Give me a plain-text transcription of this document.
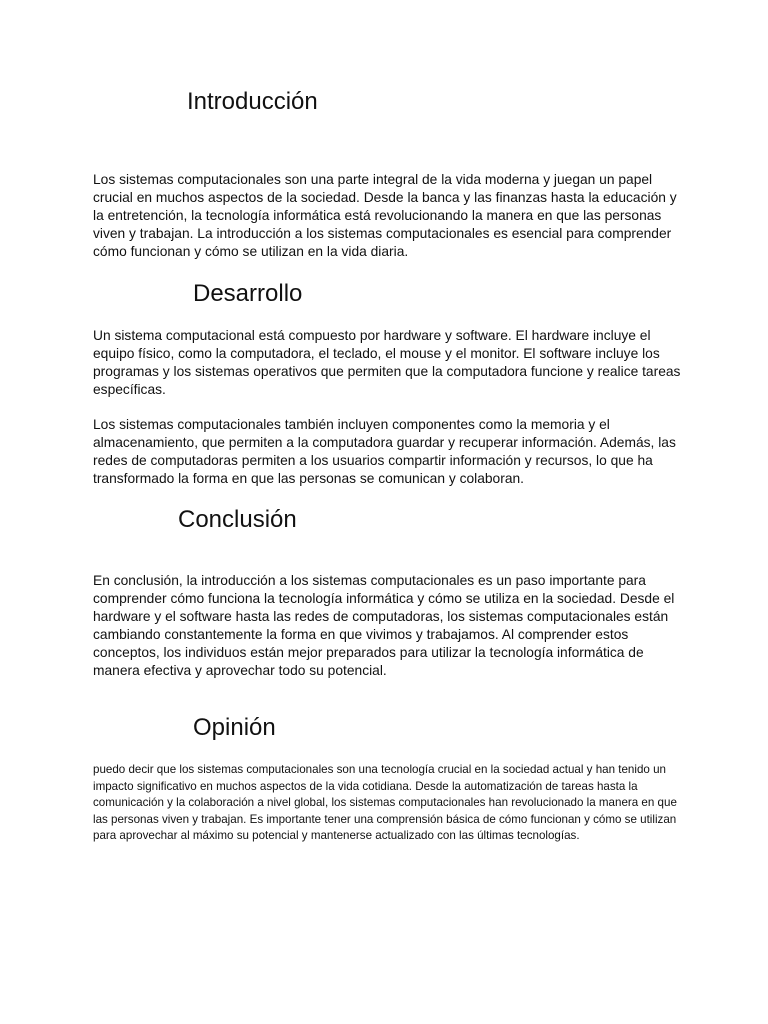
Introducción

Los sistemas computacionales son una parte integral de la vida moderna y juegan un papel crucial en muchos aspectos de la sociedad. Desde la banca y las finanzas hasta la educación y la entretención, la tecnología informática está revolucionando la manera en que las personas viven y trabajan. La introducción a los sistemas computacionales es esencial para comprender cómo funcionan y cómo se utilizan en la vida diaria.

Desarrollo

Un sistema computacional está compuesto por hardware y software. El hardware incluye el equipo físico, como la computadora, el teclado, el mouse y el monitor. El software incluye los programas y los sistemas operativos que permiten que la computadora funcione y realice tareas específicas.

Los sistemas computacionales también incluyen componentes como la memoria y el almacenamiento, que permiten a la computadora guardar y recuperar información. Además, las redes de computadoras permiten a los usuarios compartir información y recursos, lo que ha transformado la forma en que las personas se comunican y colaboran.

Conclusión

En conclusión, la introducción a los sistemas computacionales es un paso importante para comprender cómo funciona la tecnología informática y cómo se utiliza en la sociedad. Desde el hardware y el software hasta las redes de computadoras, los sistemas computacionales están cambiando constantemente la forma en que vivimos y trabajamos. Al comprender estos conceptos, los individuos están mejor preparados para utilizar la tecnología informática de manera efectiva y aprovechar todo su potencial.

Opinión

puedo decir que los sistemas computacionales son una tecnología crucial en la sociedad actual y han tenido un impacto significativo en muchos aspectos de la vida cotidiana. Desde la automatización de tareas hasta la comunicación y la colaboración a nivel global, los sistemas computacionales han revolucionado la manera en que las personas viven y trabajan. Es importante tener una comprensión básica de cómo funcionan y cómo se utilizan para aprovechar al máximo su potencial y mantenerse actualizado con las últimas tecnologías.
